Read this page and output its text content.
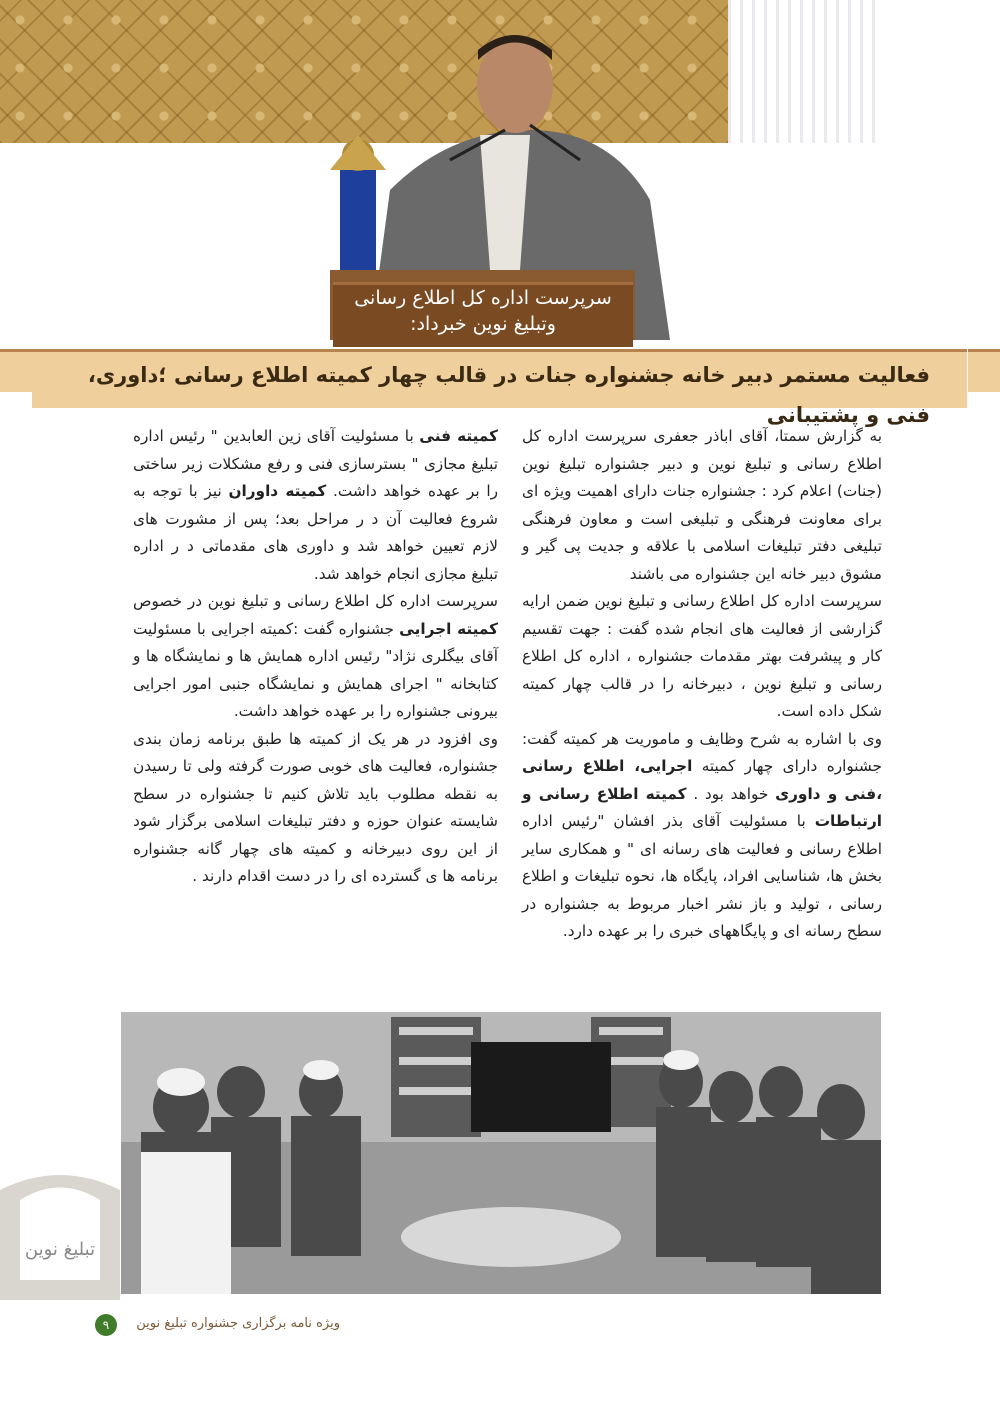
سرپرست اداره کل اطلاع رسانی
وتبلیغ نوین خبرداد:
فعالیت مستمر دبیر خانه جشنواره جنات در قالب چهار کمیته اطلاع رسانی ؛داوری، فنی و پشتیبانی

به گزارش سمتا، آقای اباذر جعفری سرپرست اداره کل اطلاع رسانی و تبلیغ نوین و دبیر جشنواره تبلیغ نوین (جنات) اعلام کرد : جشنواره جنات دارای اهمیت ویژه ای برای معاونت فرهنگی و تبلیغی است و معاون فرهنگی تبلیغی دفتر تبلیغات اسلامی با علاقه و جدیت پی گیر و مشوق دبیر خانه این جشنواره می باشند

سرپرست اداره کل اطلاع رسانی و تبلیغ نوین ضمن ارایه گزارشی از فعالیت های انجام شده گفت : جهت تقسیم کار و پیشرفت بهتر مقدمات جشنواره ، اداره کل اطلاع رسانی و تبلیغ نوین ، دبیرخانه را در قالب چهار کمیته شکل داده است.

وی با اشاره به شرح وظایف و ماموریت هر کمیته گفت: جشنواره دارای چهار کمیته اجرایی، اطلاع رسانی ،فنی و داوری خواهد بود . کمیته اطلاع رسانی و ارتباطات با مسئولیت آقای بذر افشان "رئیس اداره اطلاع رسانی و فعالیت های رسانه ای " و همکاری سایر بخش ها، شناسایی افراد، پایگاه ها، نحوه تبلیغات و اطلاع رسانی ، تولید و باز نشر اخبار مربوط به جشنواره در سطح رسانه ای و پایگاههای خبری را بر عهده دارد.

کمیته فنی با مسئولیت آقای زین العابدین " رئیس اداره تبلیغ مجازی " بسترسازی فنی و رفع مشکلات زیر ساختی را بر عهده خواهد داشت. کمیته داوران نیز با توجه به شروع فعالیت آن د ر مراحل بعد؛ پس از مشورت های لازم تعیین خواهد شد و داوری های مقدماتی د ر اداره تبلیغ مجازی انجام خواهد شد.

سرپرست اداره کل اطلاع رسانی و تبلیغ نوین در خصوص کمیته اجرایی جشنواره گفت :کمیته اجرایی با مسئولیت آقای بیگلری نژاد" رئیس اداره همایش ها و نمایشگاه ها و کتابخانه " اجرای همایش و نمایشگاه جنبی امور اجرایی بیرونی جشنواره را بر عهده خواهد داشت.

وی افزود در هر یک از کمیته ها طبق برنامه زمان بندی جشنواره، فعالیت های خوبی صورت گرفته ولی تا رسیدن به نقطه مطلوب باید تلاش کنیم تا جشنواره در سطح شایسته عنوان حوزه و دفتر تبلیغات اسلامی برگزار شود از این روی دبیرخانه و کمیته های چهار گانه جشنواره برنامه ها ی گسترده ای را در دست اقدام دارند .

تبلیغ نوین
۹	ویژه نامه برگزاری جشنواره تبلیغ نوین
